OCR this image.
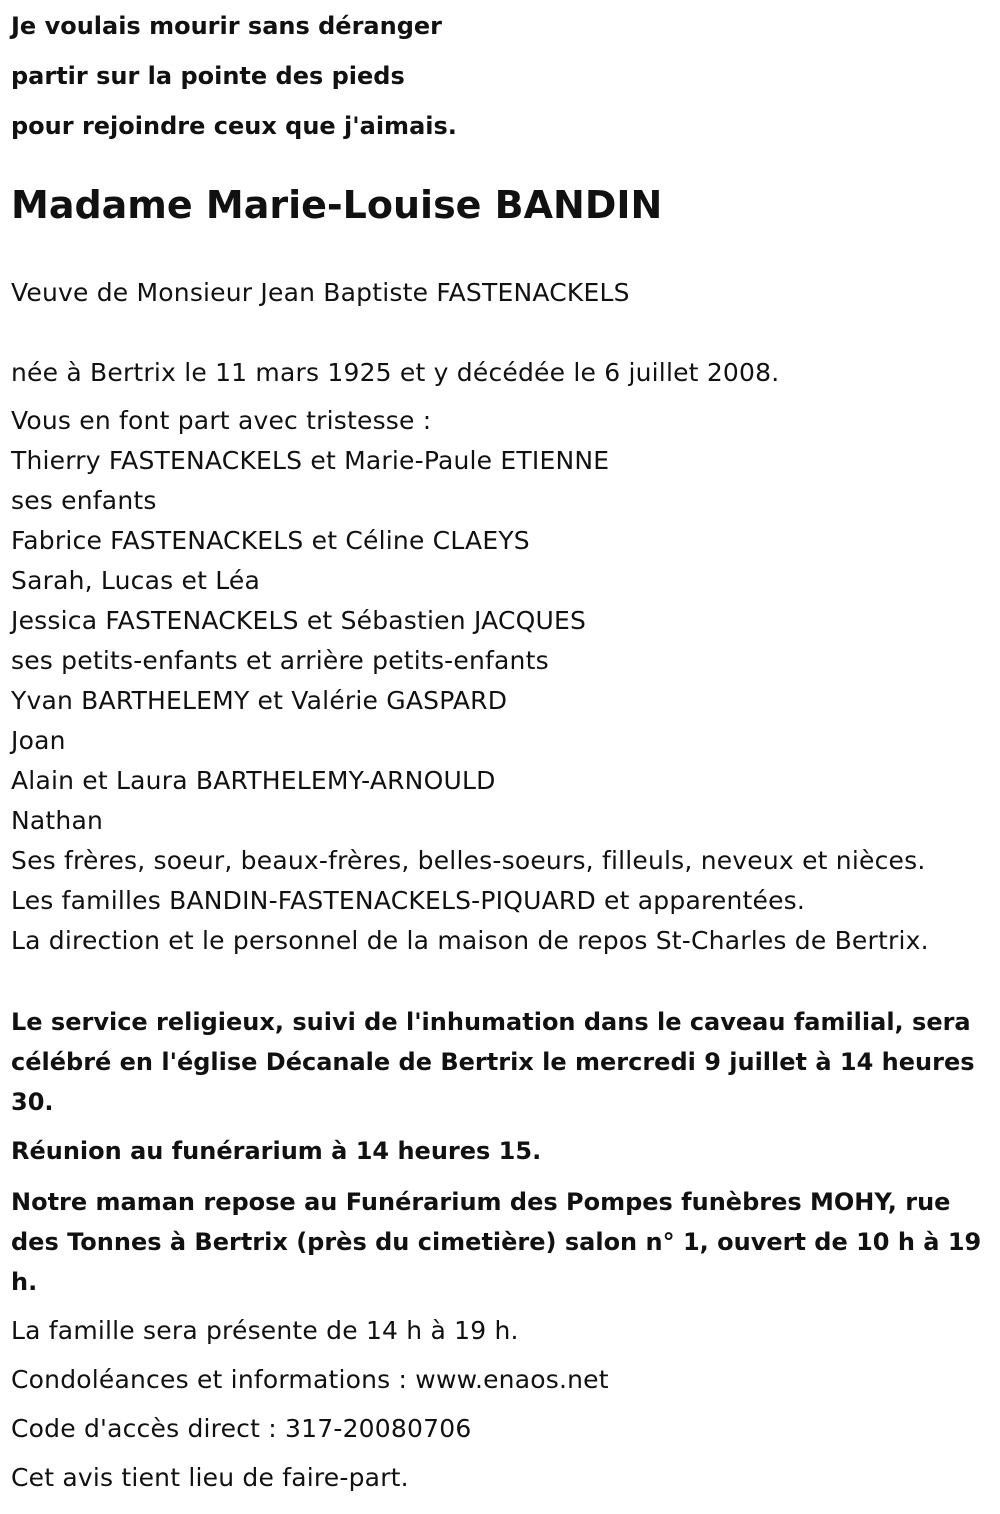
Je voulais mourir sans déranger

partir sur la pointe des pieds

pour rejoindre ceux que j'aimais.

Madame Marie-Louise BANDIN

Veuve de Monsieur Jean Baptiste FASTENACKELS

née à Bertrix le 11 mars 1925 et y décédée le 6 juillet 2008.

Vous en font part avec tristesse :

Thierry FASTENACKELS et Marie-Paule ETIENNE

ses enfants

Fabrice FASTENACKELS et Céline CLAEYS

Sarah, Lucas et Léa

Jessica FASTENACKELS et Sébastien JACQUES

ses petits-enfants et arrière petits-enfants

Yvan BARTHELEMY et Valérie GASPARD

Joan

Alain et Laura BARTHELEMY-ARNOULD

Nathan

Ses frères, soeur, beaux-frères, belles-soeurs, filleuls, neveux et nièces.

Les familles BANDIN-FASTENACKELS-PIQUARD et apparentées.

La direction et le personnel de la maison de repos St-Charles de Bertrix.

Le service religieux, suivi de l'inhumation dans le caveau familial, sera célébré en l'église Décanale de Bertrix le mercredi 9 juillet à 14 heures 30.

Réunion au funérarium à 14 heures 15.

Notre maman repose au Funérarium des Pompes funèbres MOHY, rue des Tonnes à Bertrix (près du cimetière) salon n° 1, ouvert de 10 h à 19 h.

La famille sera présente de 14 h à 19 h.

Condoléances et informations : www.enaos.net

Code d'accès direct : 317-20080706

Cet avis tient lieu de faire-part.
